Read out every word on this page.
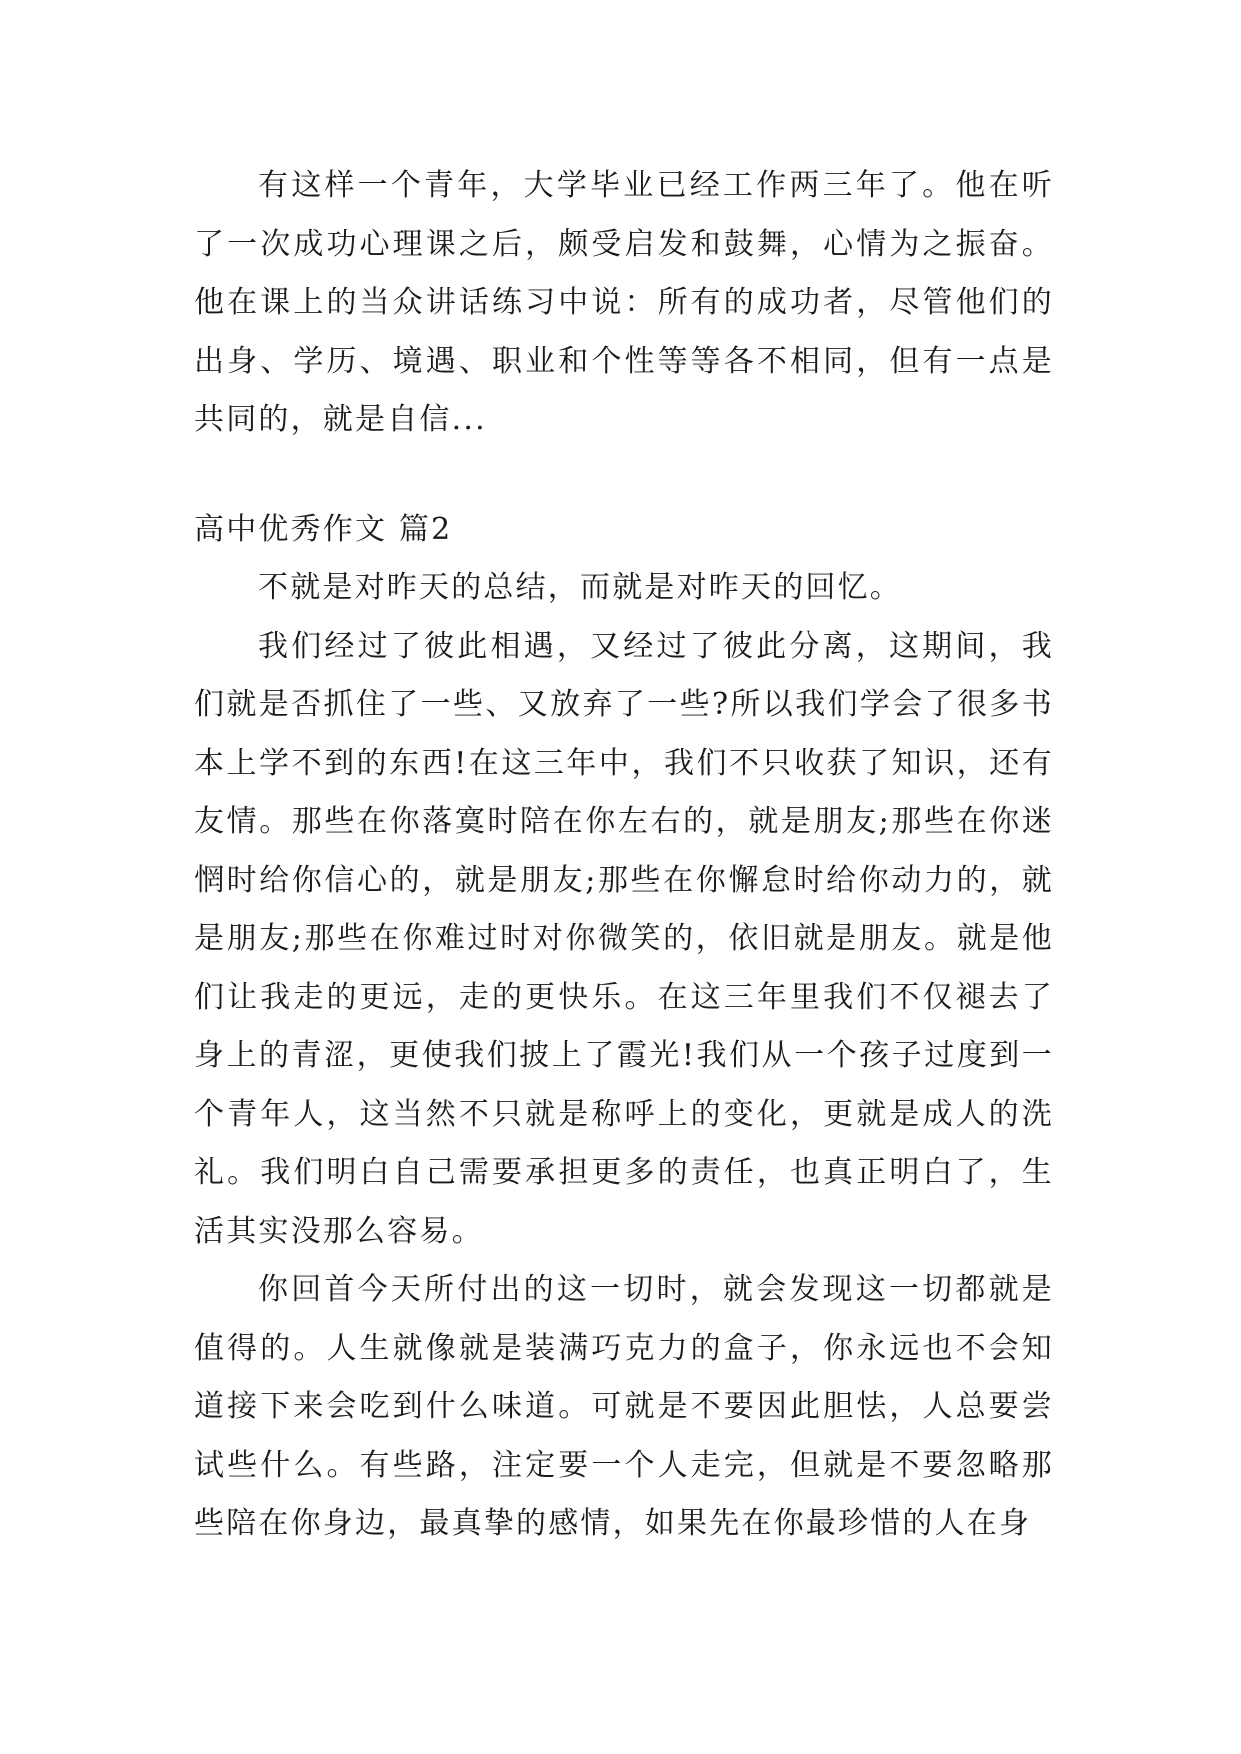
有这样一个青年，大学毕业已经工作两三年了。他在听了一次成功心理课之后，颇受启发和鼓舞，心情为之振奋。他在课上的当众讲话练习中说：所有的成功者，尽管他们的出身、学历、境遇、职业和个性等等各不相同，但有一点是共同的，就是自信...

高中优秀作文 篇2

不就是对昨天的总结，而就是对昨天的回忆。

我们经过了彼此相遇，又经过了彼此分离，这期间，我们就是否抓住了一些、又放弃了一些?所以我们学会了很多书本上学不到的东西!在这三年中，我们不只收获了知识，还有友情。那些在你落寞时陪在你左右的，就是朋友;那些在你迷惘时给你信心的，就是朋友;那些在你懈怠时给你动力的，就是朋友;那些在你难过时对你微笑的，依旧就是朋友。就是他们让我走的更远，走的更快乐。在这三年里我们不仅褪去了身上的青涩，更使我们披上了霞光!我们从一个孩子过度到一个青年人，这当然不只就是称呼上的变化，更就是成人的洗礼。我们明白自己需要承担更多的责任，也真正明白了，生活其实没那么容易。

你回首今天所付出的这一切时，就会发现这一切都就是值得的。人生就像就是装满巧克力的盒子，你永远也不会知道接下来会吃到什么味道。可就是不要因此胆怯，人总要尝试些什么。有些路，注定要一个人走完，但就是不要忽略那些陪在你身边，最真挚的感情，如果先在你最珍惜的人在身
